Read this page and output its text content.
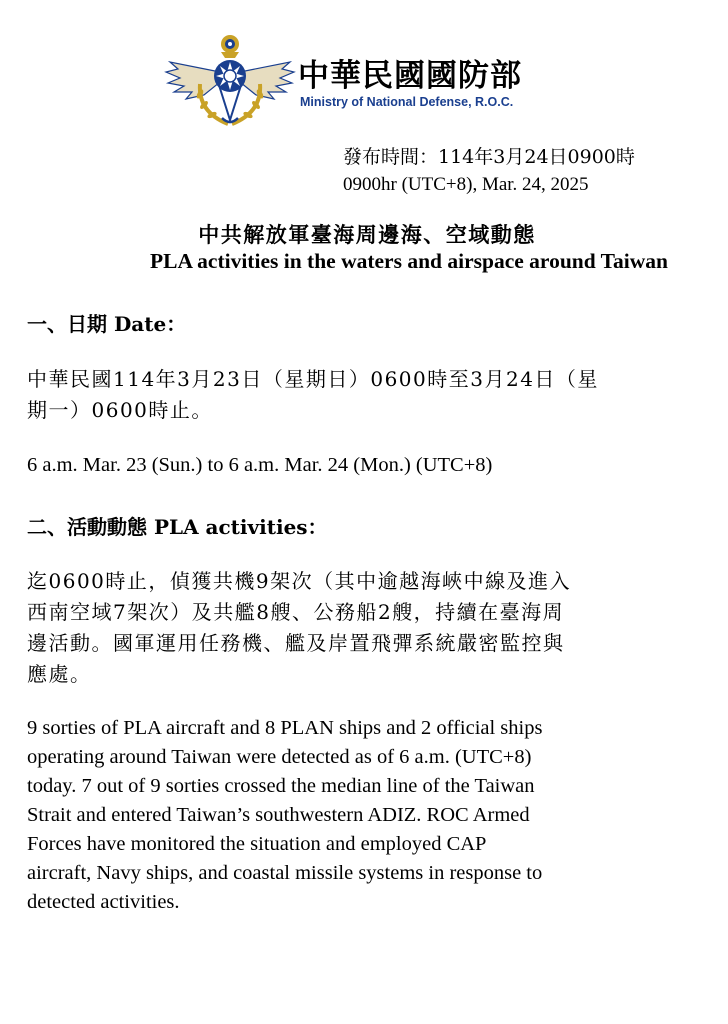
中華民國國防部
Ministry of National Defense, R.O.C.
發布時間：114年3月24日0900時
0900hr (UTC+8), Mar. 24, 2025
中共解放軍臺海周邊海、空域動態
PLA activities in the waters and airspace around Taiwan
一、日期 Date：
中華民國114年3月23日（星期日）0600時至3月24日（星
期一）0600時止。
6 a.m. Mar. 23 (Sun.) to 6 a.m. Mar. 24 (Mon.) (UTC+8)
二、活動動態 PLA activities：
迄0600時止，偵獲共機9架次（其中逾越海峽中線及進入
西南空域7架次）及共艦8艘、公務船2艘，持續在臺海周
邊活動。國軍運用任務機、艦及岸置飛彈系統嚴密監控與
應處。
9 sorties of PLA aircraft and 8 PLAN ships and 2 official ships
operating around Taiwan were detected as of 6 a.m. (UTC+8)
today. 7 out of 9 sorties crossed the median line of the Taiwan
Strait and entered Taiwan’s southwestern ADIZ. ROC Armed
Forces have monitored the situation and employed CAP
aircraft, Navy ships, and coastal missile systems in response to
detected activities.
